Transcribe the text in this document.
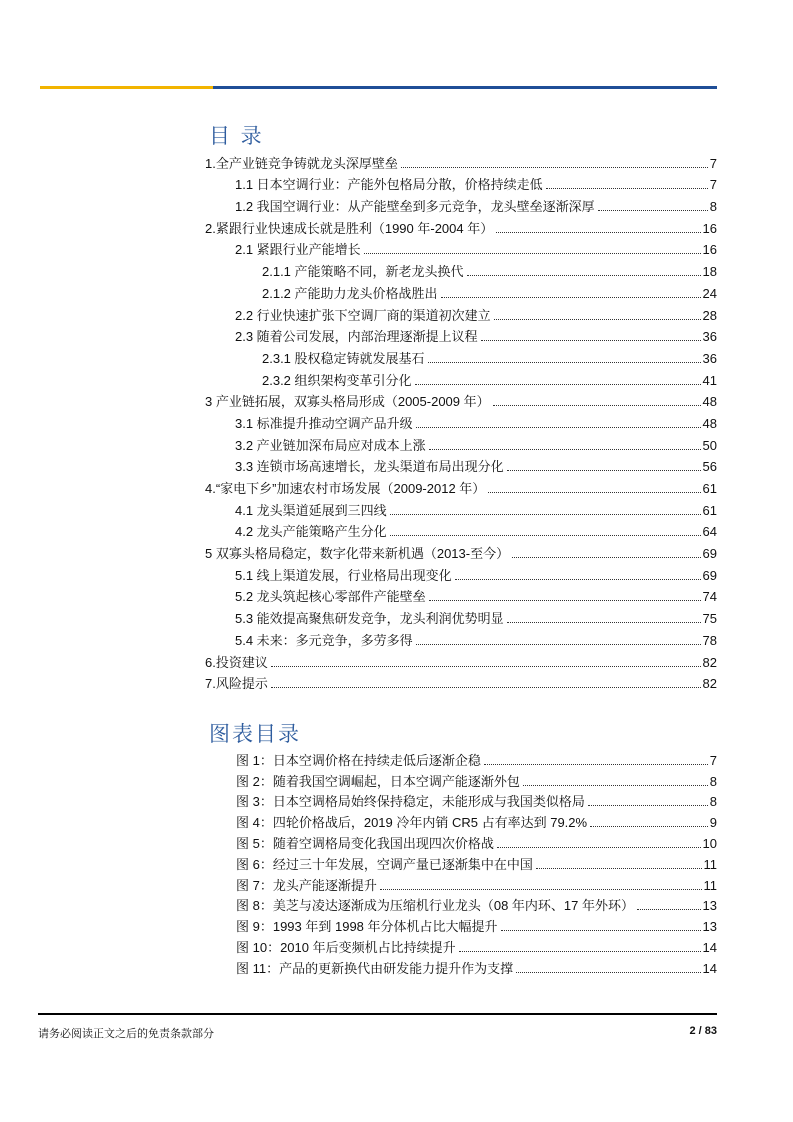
目 录
1.全产业链竞争铸就龙头深厚壁垒	7
1.1 日本空调行业：产能外包格局分散，价格持续走低	7
1.2 我国空调行业：从产能壁垒到多元竞争，龙头壁垒逐渐深厚	8
2.紧跟行业快速成长就是胜利（1990 年-2004 年）	16
2.1 紧跟行业产能增长	16
2.1.1 产能策略不同，新老龙头换代	18
2.1.2 产能助力龙头价格战胜出	24
2.2 行业快速扩张下空调厂商的渠道初次建立	28
2.3 随着公司发展，内部治理逐渐提上议程	36
2.3.1 股权稳定铸就发展基石	36
2.3.2 组织架构变革引分化	41
3 产业链拓展，双寡头格局形成（2005-2009 年）	48
3.1 标准提升推动空调产品升级	48
3.2 产业链加深布局应对成本上涨	50
3.3 连锁市场高速增长，龙头渠道布局出现分化	56
4.“家电下乡”加速农村市场发展（2009-2012 年）	61
4.1 龙头渠道延展到三四线	61
4.2 龙头产能策略产生分化	64
5 双寡头格局稳定，数字化带来新机遇（2013-至今）	69
5.1 线上渠道发展，行业格局出现变化	69
5.2 龙头筑起核心零部件产能壁垒	74
5.3 能效提高聚焦研发竞争，龙头利润优势明显	75
5.4 未来：多元竞争，多劳多得	78
6.投资建议	82
7.风险提示	82
图表目录
图 1：日本空调价格在持续走低后逐渐企稳	7
图 2：随着我国空调崛起，日本空调产能逐渐外包	8
图 3：日本空调格局始终保持稳定，未能形成与我国类似格局	8
图 4：四轮价格战后，2019 冷年内销 CR5 占有率达到 79.2%	9
图 5：随着空调格局变化我国出现四次价格战	10
图 6：经过三十年发展，空调产量已逐渐集中在中国	11
图 7：龙头产能逐渐提升	11
图 8：美芝与凌达逐渐成为压缩机行业龙头（08 年内环、17 年外环）	13
图 9：1993 年到 1998 年分体机占比大幅提升	13
图 10：2010 年后变频机占比持续提升	14
图 11：产品的更新换代由研发能力提升作为支撑	14
请务必阅读正文之后的免责条款部分	2 / 83
